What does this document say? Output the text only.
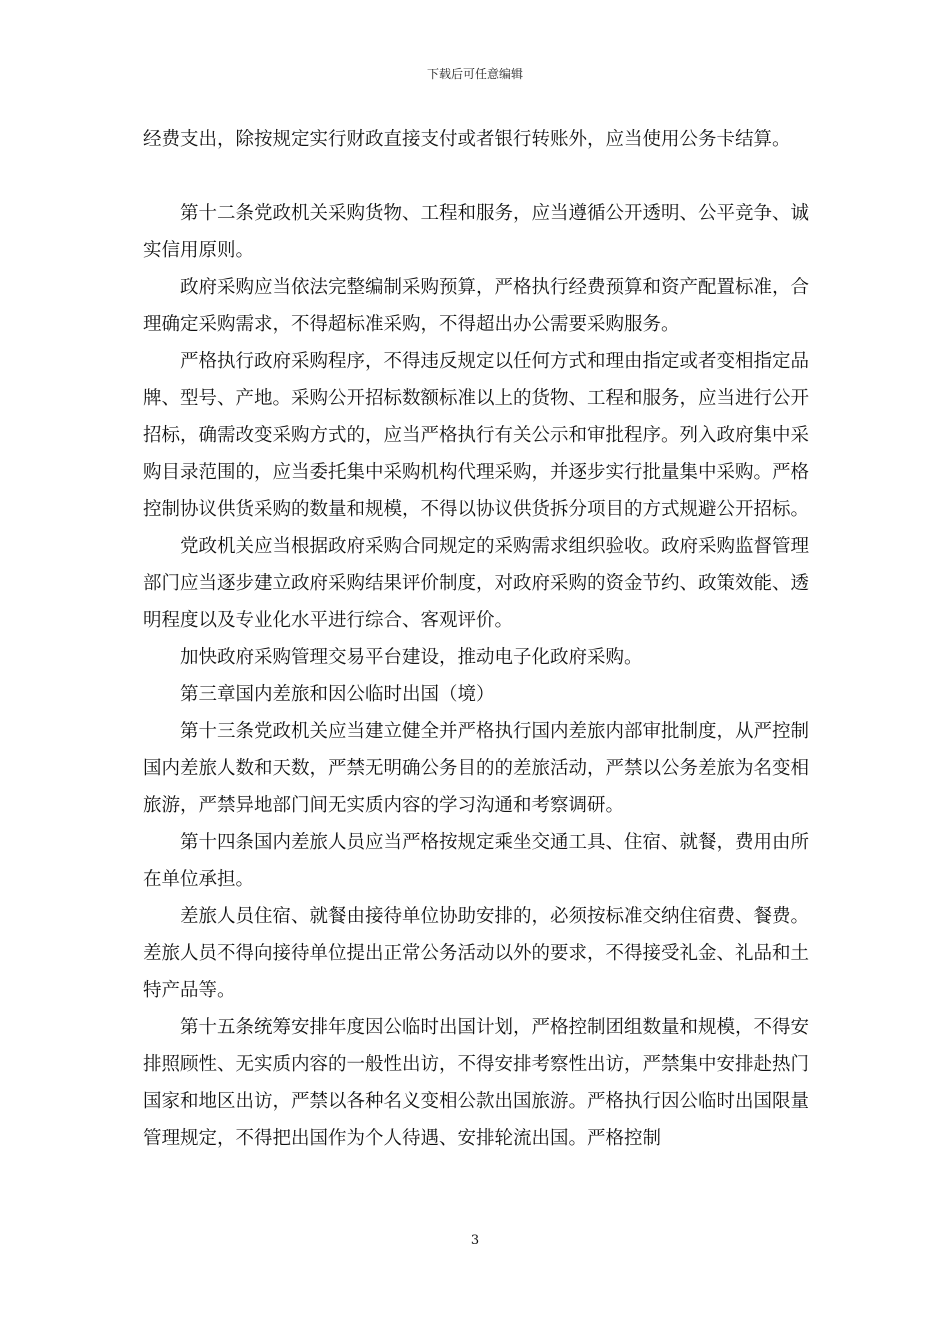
下载后可任意编辑

经费支出，除按规定实行财政直接支付或者银行转账外，应当使用公务卡结算。

第十二条党政机关采购货物、工程和服务，应当遵循公开透明、公平竞争、诚实信用原则。

政府采购应当依法完整编制采购预算，严格执行经费预算和资产配置标准，合理确定采购需求，不得超标准采购，不得超出办公需要采购服务。

严格执行政府采购程序，不得违反规定以任何方式和理由指定或者变相指定品牌、型号、产地。采购公开招标数额标准以上的货物、工程和服务，应当进行公开招标，确需改变采购方式的，应当严格执行有关公示和审批程序。列入政府集中采购目录范围的，应当委托集中采购机构代理采购，并逐步实行批量集中采购。严格控制协议供货采购的数量和规模，不得以协议供货拆分项目的方式规避公开招标。

党政机关应当根据政府采购合同规定的采购需求组织验收。政府采购监督管理部门应当逐步建立政府采购结果评价制度，对政府采购的资金节约、政策效能、透明程度以及专业化水平进行综合、客观评价。

加快政府采购管理交易平台建设，推动电子化政府采购。

第三章国内差旅和因公临时出国（境）

第十三条党政机关应当建立健全并严格执行国内差旅内部审批制度，从严控制国内差旅人数和天数，严禁无明确公务目的的差旅活动，严禁以公务差旅为名变相旅游，严禁异地部门间无实质内容的学习沟通和考察调研。

第十四条国内差旅人员应当严格按规定乘坐交通工具、住宿、就餐，费用由所在单位承担。

差旅人员住宿、就餐由接待单位协助安排的，必须按标准交纳住宿费、餐费。差旅人员不得向接待单位提出正常公务活动以外的要求，不得接受礼金、礼品和土特产品等。

第十五条统筹安排年度因公临时出国计划，严格控制团组数量和规模，不得安排照顾性、无实质内容的一般性出访，不得安排考察性出访，严禁集中安排赴热门国家和地区出访，严禁以各种名义变相公款出国旅游。严格执行因公临时出国限量管理规定，不得把出国作为个人待遇、安排轮流出国。严格控制

3
